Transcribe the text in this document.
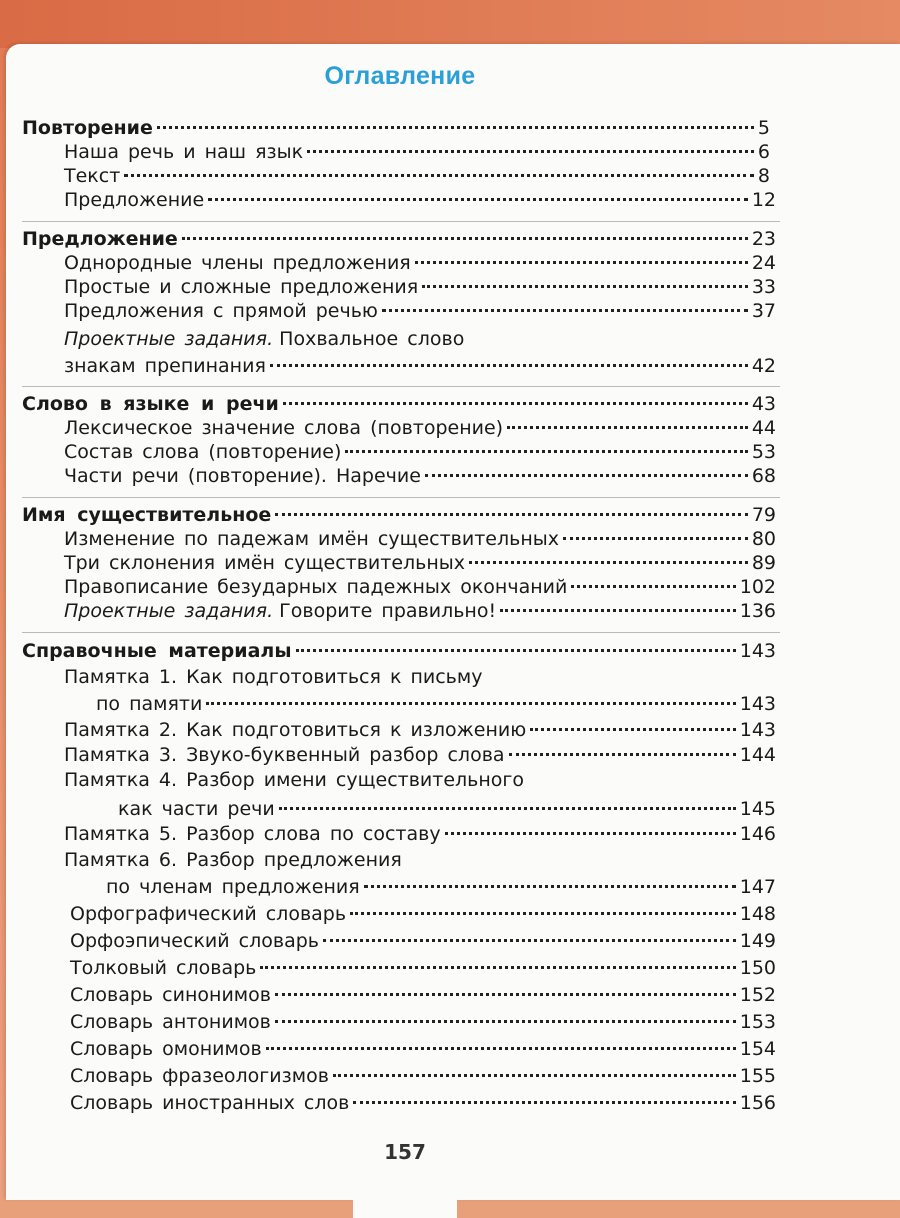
Оглавление
Повторение	5
Наша речь и наш язык	6
Текст	8
Предложение	12
Предложение	23
Однородные члены предложения	24
Простые и сложные предложения	33
Предложения с прямой речью	37
Проектные задания. Похвальное слово
знакам препинания	42
Слово в языке и речи	43
Лексическое значение слова (повторение)	44
Состав слова (повторение)	53
Части речи (повторение). Наречие	68
Имя существительное	79
Изменение по падежам имён существительных	80
Три склонения имён существительных	89
Правописание безударных падежных окончаний	102
Проектные задания.
Говорите правильно!	136
Справочные материалы	143
Памятка 1. Как подготовиться к письму
по памяти	143
Памятка 2. Как подготовиться к изложению	143
Памятка 3. Звуко-буквенный разбор слова	144
Памятка 4. Разбор имени существительного
как части речи	145
Памятка 5. Разбор слова по составу	146
Памятка 6. Разбор предложения
по членам предложения	147
Орфографический словарь	148
Орфоэпический словарь	149
Толковый словарь	150
Словарь синонимов	152
Словарь антонимов	153
Словарь омонимов	154
Словарь фразеологизмов	155
Словарь иностранных слов	156
157
